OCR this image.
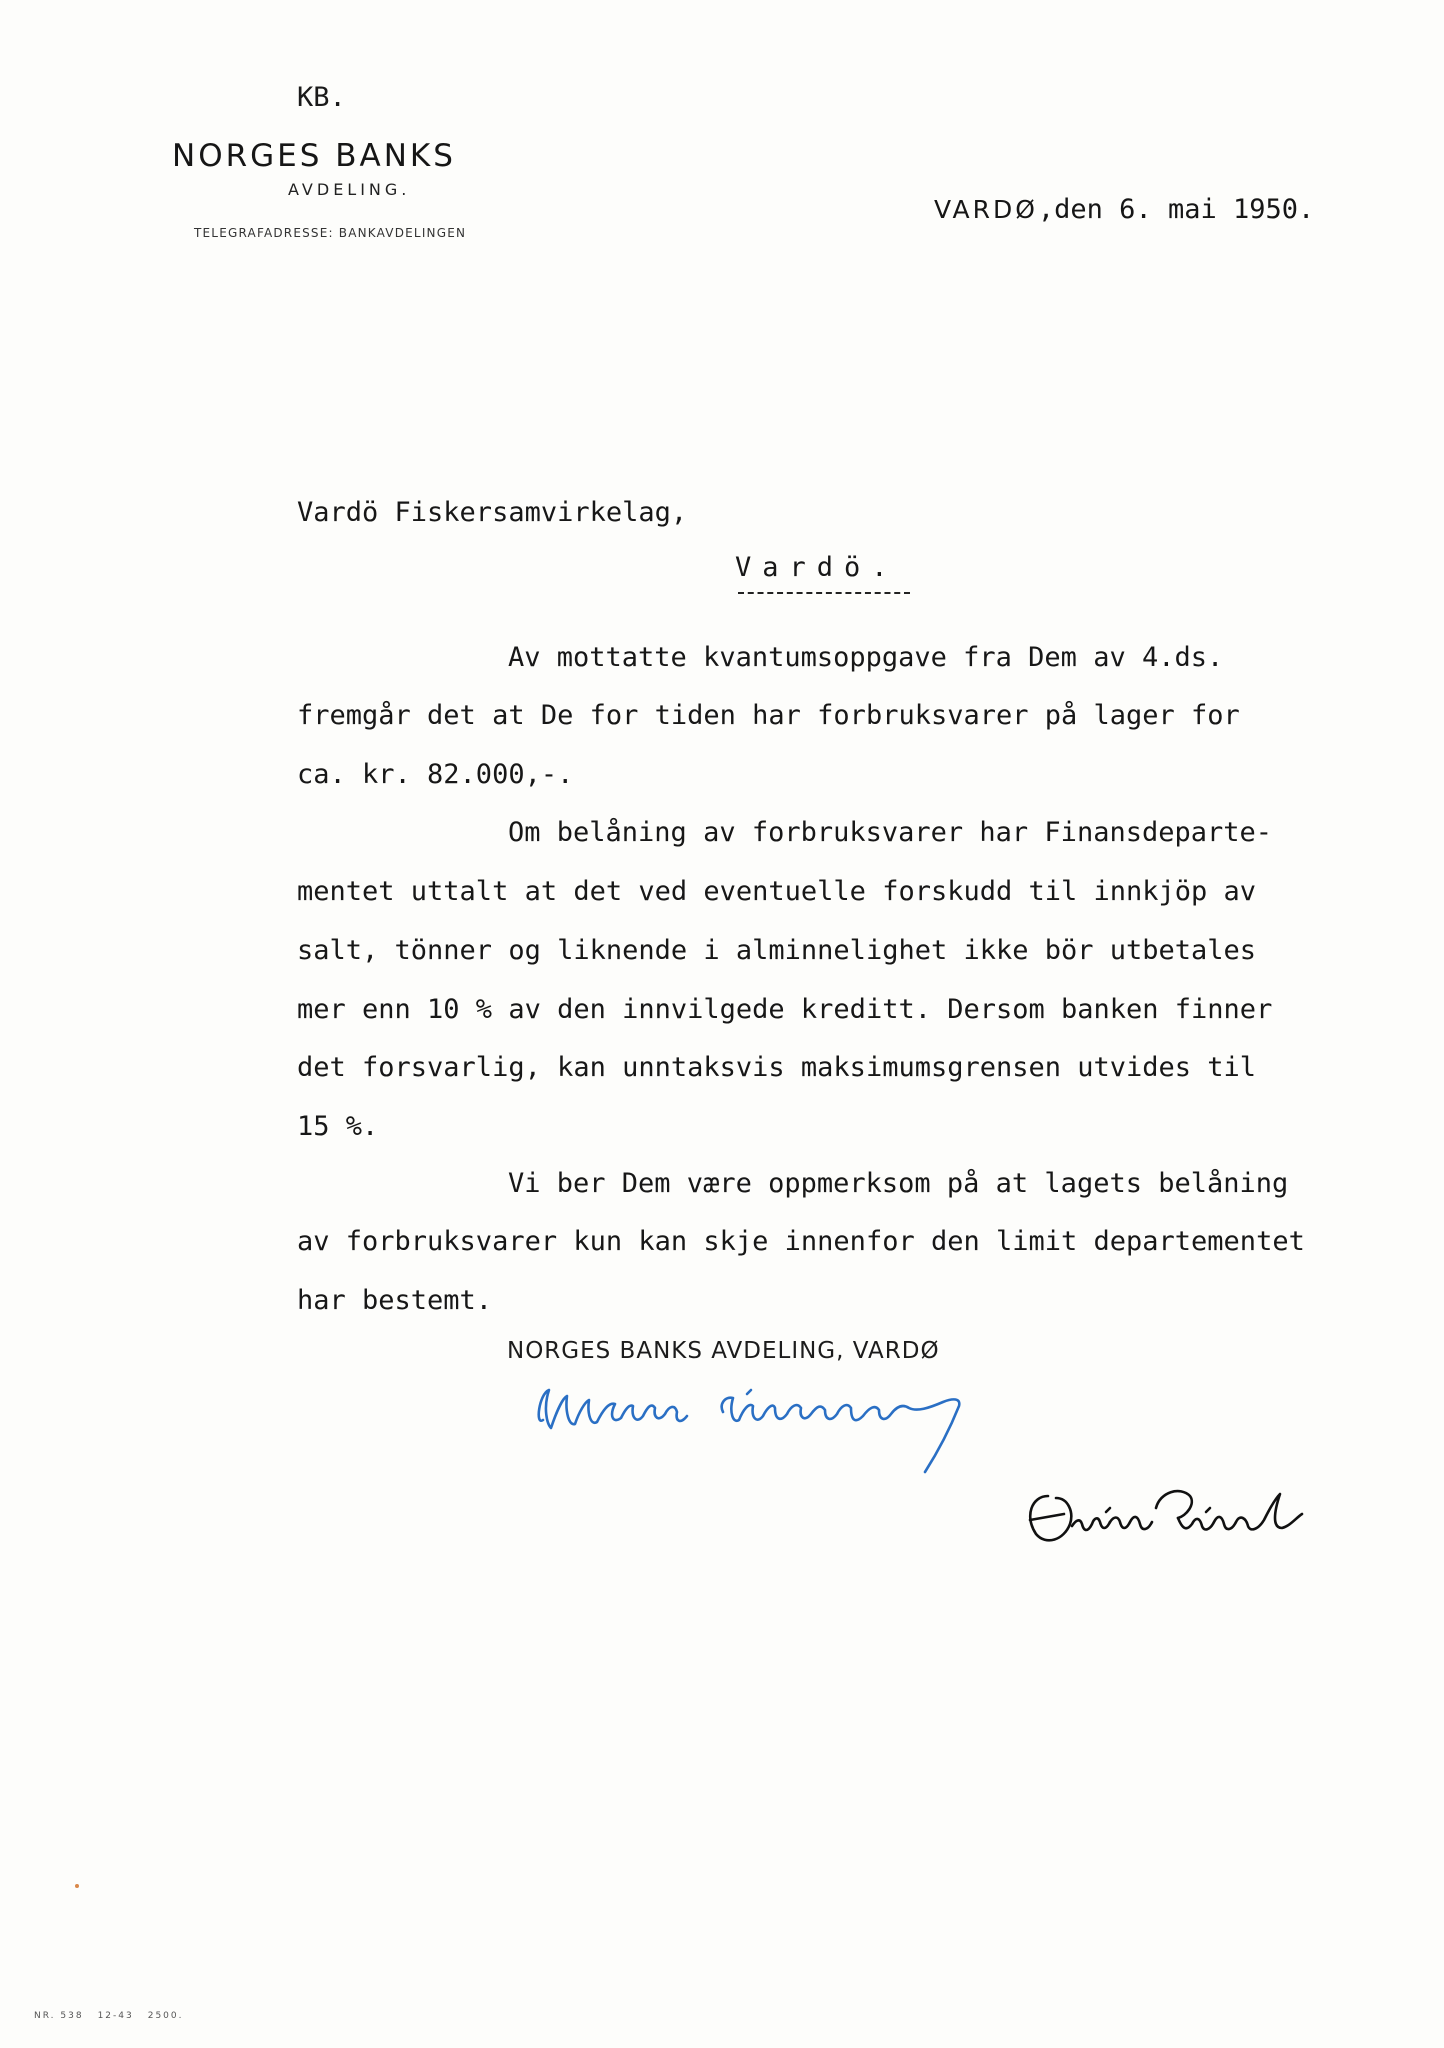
KB.
NORGES BANKS
AVDELING.
TELEGRAFADRESSE: BANKAVDELINGEN
VARDØ,den 6. mai 1950.
Vardö Fiskersamvirkelag,
Vardö.
Av mottatte kvantumsoppgave fra Dem av 4.ds.
fremgår det at De for tiden har forbruksvarer på lager for
ca. kr. 82.000,-.
Om belåning av forbruksvarer har Finansdeparte-
mentet uttalt at det ved eventuelle forskudd til innkjöp av
salt, tönner og liknende i alminnelighet ikke bör utbetales
mer enn 10 % av den innvilgede kreditt. Dersom banken finner
det forsvarlig, kan unntaksvis maksimumsgrensen utvides til
15 %.
Vi ber Dem være oppmerksom på at lagets belåning
av forbruksvarer kun kan skje innenfor den limit departementet
har bestemt.
NORGES BANKS AVDELING, VARDØ
NR. 538 12-43 2500.
